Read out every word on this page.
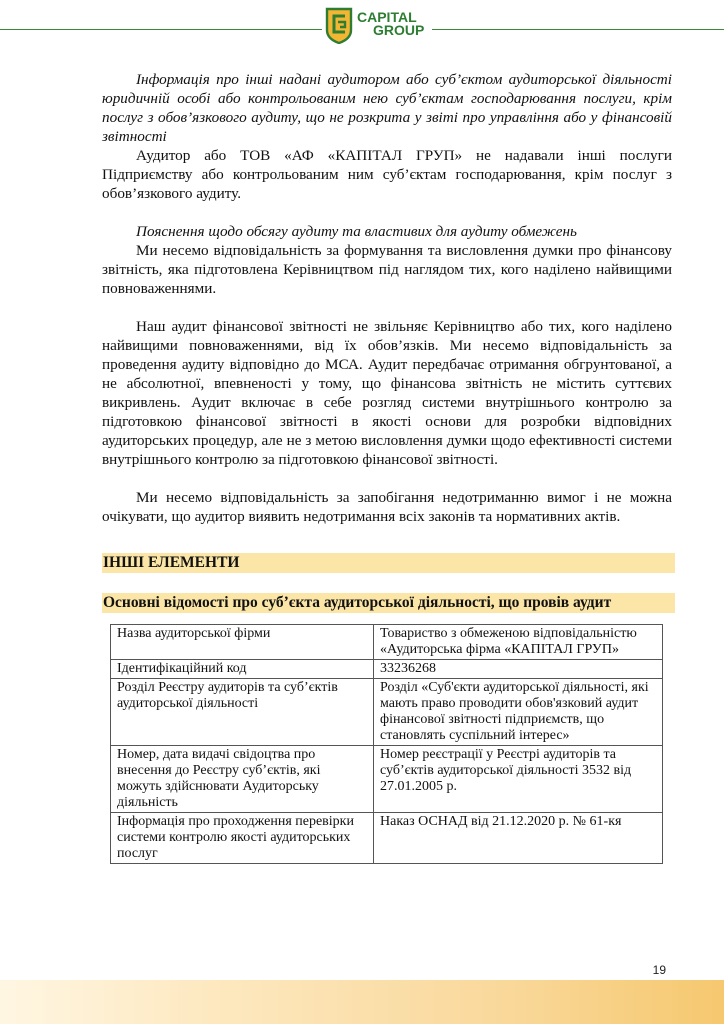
CAPITAL
GROUP

Інформація про інші надані аудитором або суб’єктом аудиторської діяльності юридичній особі або контрольованим нею суб’єктам господарювання послуги, крім послуг з обов’язкового аудиту, що не розкрита у звіті про управління або у фінансовій звітності

Аудитор або ТОВ «АФ «КАПІТАЛ ГРУП» не надавали інші послуги Підприємству або контрольованим ним суб’єктам господарювання, крім послуг з обов’язкового аудиту.

Пояснення щодо обсягу аудиту та властивих для аудиту обмежень

Ми несемо відповідальність за формування та висловлення думки про фінансову звітність, яка підготовлена Керівництвом під наглядом тих, кого наділено найвищими повноваженнями.

Наш аудит фінансової звітності не звільняє Керівництво або тих, кого наділено найвищими повноваженнями, від їх обов’язків. Ми несемо відповідальність за проведення аудиту відповідно до МСА. Аудит передбачає отримання обгрунтованої, а не абсолютної, впевненості у тому, що фінансова звітність не містить суттєвих викривлень. Аудит включає в себе розгляд системи внутрішнього контролю за підготовкою фінансової звітності в якості основи для розробки відповідних аудиторських процедур, але не з метою висловлення думки щодо ефективності системи внутрішнього контролю за підготовкою фінансової звітності.

Ми несемо відповідальність за запобігання недотриманню вимог і не можна очікувати, що аудитор виявить недотримання всіх законів та нормативних актів.

ІНШІ ЕЛЕМЕНТИ
Основні відомості про суб’єкта аудиторської діяльності, що провів аудит
Назва аудиторської фірми	Товариство з обмеженою відповідальністю «Аудиторська фірма «КАПІТАЛ ГРУП»
Ідентифікаційний код	33236268
Розділ Реєстру аудиторів та суб’єктів аудиторської діяльності	Розділ «Суб'єкти аудиторської діяльності, які мають право проводити обов'язковий аудит фінансової звітності підприємств, що становлять суспільний інтерес»
Номер, дата видачі свідоцтва про внесення до Реєстру суб’єктів, які можуть здійснювати Аудиторську діяльність	Номер реєстрації у Реєстрі аудиторів та суб’єктів аудиторської діяльності 3532 від 27.01.2005 р.
Інформація про проходження перевірки системи контролю якості аудиторських послуг	Наказ ОСНАД від 21.12.2020 р. № 61-кя
19
